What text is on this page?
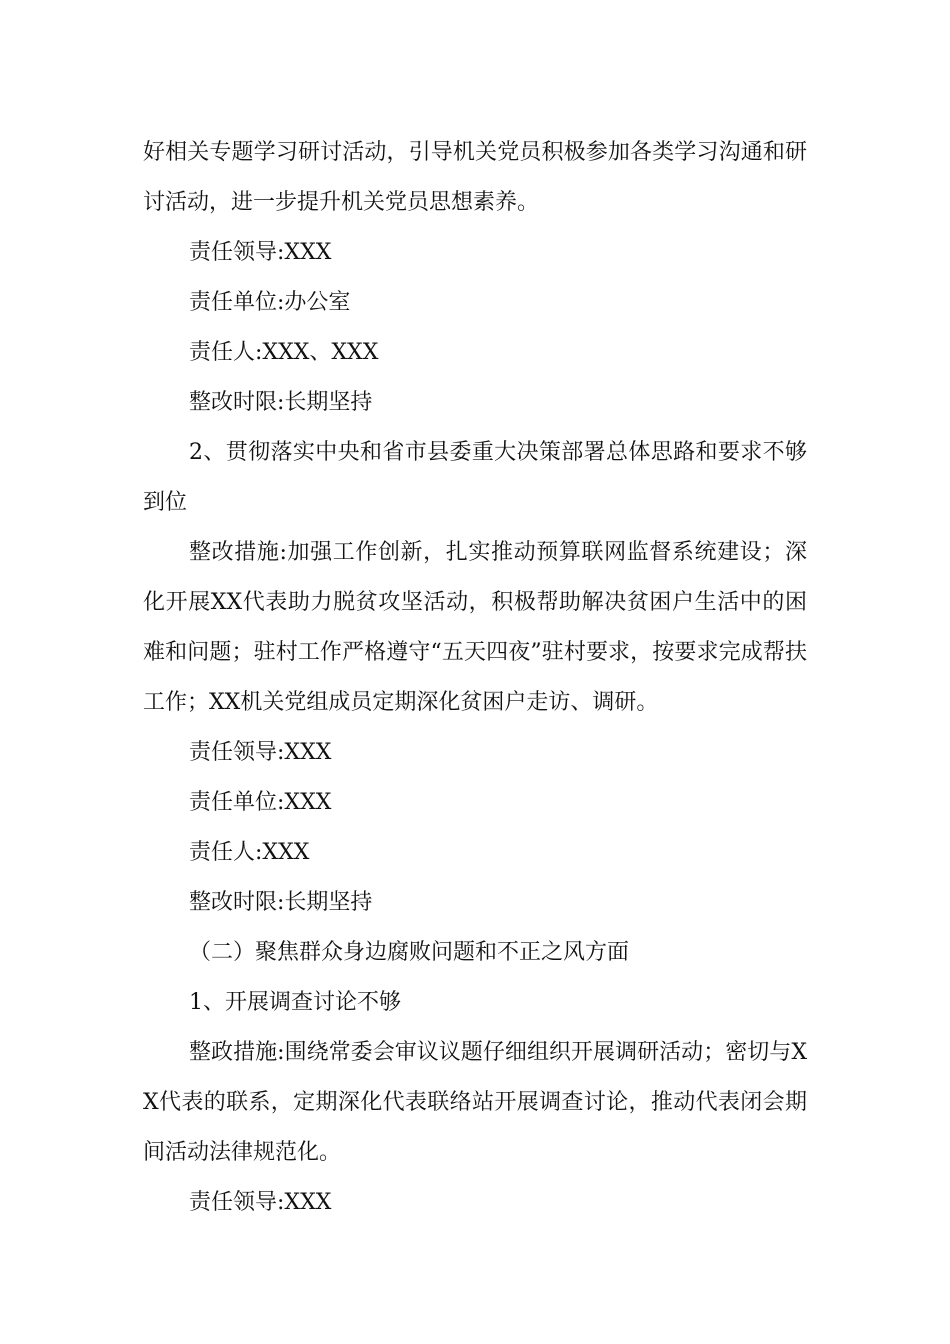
好相关专题学习研讨活动，引导机关党员积极参加各类学习沟通和研讨活动，进一步提升机关党员思想素养。

责任领导:XXX

责任单位:办公室

责任人:XXX、XXX

整改时限:长期坚持

2、贯彻落实中央和省市县委重大决策部署总体思路和要求不够到位

整改措施:加强工作创新，扎实推动预算联网监督系统建设；深化开展XX代表助力脱贫攻坚活动，积极帮助解决贫困户生活中的困难和问题；驻村工作严格遵守“五天四夜”驻村要求，按要求完成帮扶工作；XX机关党组成员定期深化贫困户走访、调研。

责任领导:XXX

责任单位:XXX

责任人:XXX

整改时限:长期坚持

（二）聚焦群众身边腐败问题和不正之风方面

1、开展调查讨论不够

整政措施:围绕常委会审议议题仔细组织开展调研活动；密切与XX代表的联系，定期深化代表联络站开展调查讨论，推动代表闭会期间活动法律规范化。

责任领导:XXX
